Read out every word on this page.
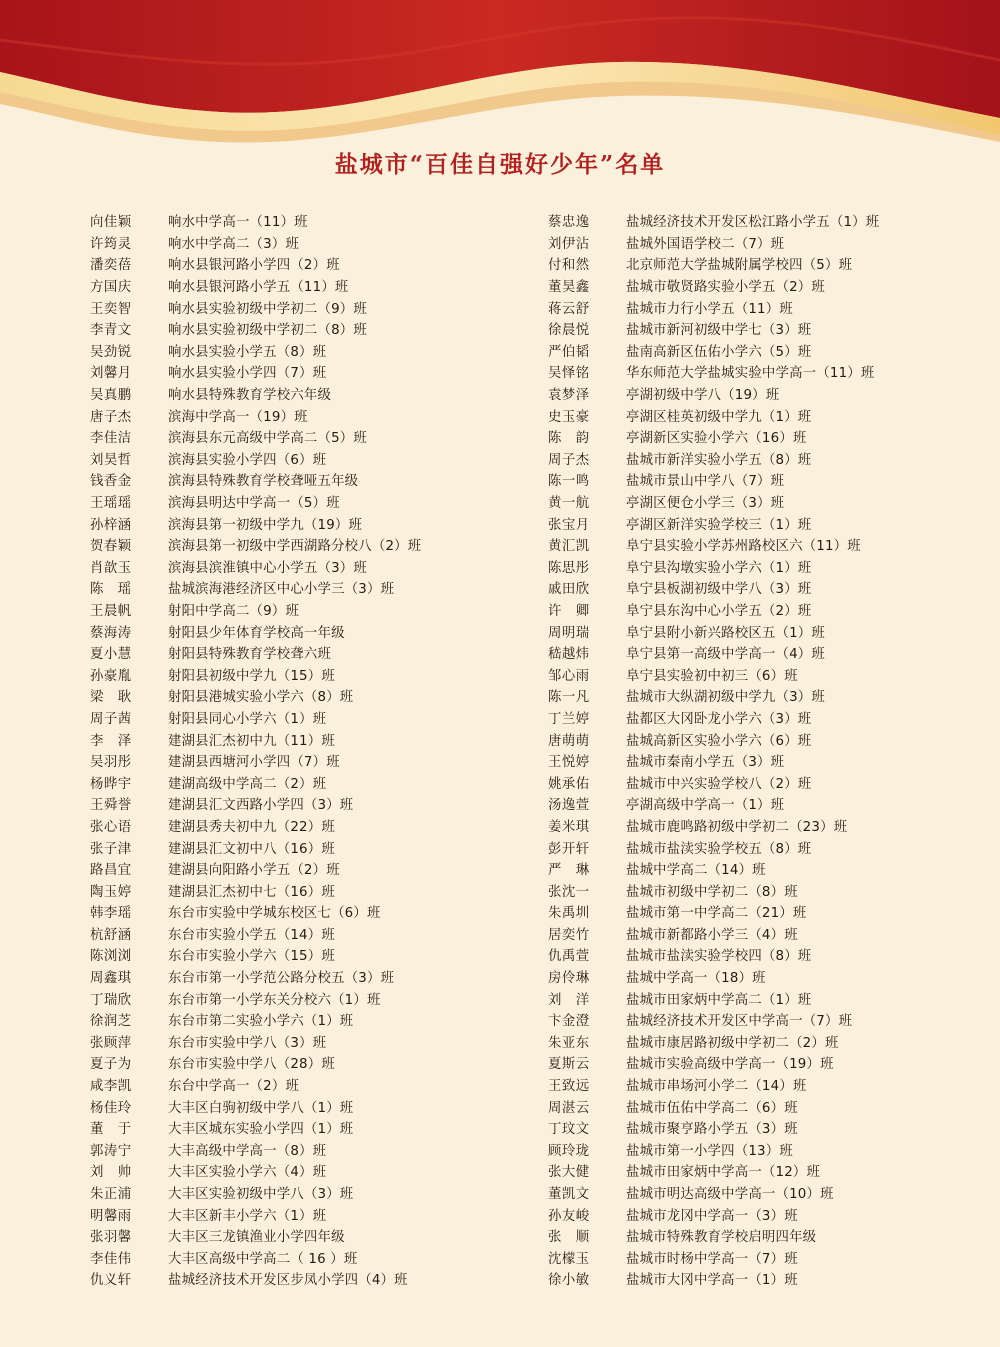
盐城市“百佳自强好少年”名单
向佳颖	响水中学高一（11）班
许筠灵	响水中学高二（3）班
潘奕蓓	响水县银河路小学四（2）班
方国庆	响水县银河路小学五（11）班
王奕智	响水县实验初级中学初二（9）班
李青文	响水县实验初级中学初二（8）班
吴劲锐	响水县实验小学五（8）班
刘馨月	响水县实验小学四（7）班
吴真鹏	响水县特殊教育学校六年级
唐子杰	滨海中学高一（19）班
李佳洁	滨海县东元高级中学高二（5）班
刘昊哲	滨海县实验小学四（6）班
钱香金	滨海县特殊教育学校聋哑五年级
王瑶瑶	滨海县明达中学高一（5）班
孙梓涵	滨海县第一初级中学九（19）班
贺春颖	滨海县第一初级中学西湖路分校八（2）班
肖歆玉	滨海县滨淮镇中心小学五（3）班
陈　瑶	盐城滨海港经济区中心小学三（3）班
王晨帆	射阳中学高二（9）班
蔡海涛	射阳县少年体育学校高一年级
夏小慧	射阳县特殊教育学校聋六班
孙豪胤	射阳县初级中学九（15）班
梁　耿	射阳县港城实验小学六（8）班
周子茜	射阳县同心小学六（1）班
李　泽	建湖县汇杰初中九（11）班
吴羽彤	建湖县西塘河小学四（7）班
杨晔宇	建湖高级中学高二（2）班
王舜誉	建湖县汇文西路小学四（3）班
张心语	建湖县秀夫初中九（22）班
张子津	建湖县汇文初中八（16）班
路昌宜	建湖县向阳路小学五（2）班
陶玉婷	建湖县汇杰初中七（16）班
韩李瑶	东台市实验中学城东校区七（6）班
杭舒涵	东台市实验小学五（14）班
陈浏浏	东台市实验小学六（15）班
周鑫琪	东台市第一小学范公路分校五（3）班
丁瑞欣	东台市第一小学东关分校六（1）班
徐润芝	东台市第二实验小学六（1）班
张顾萍	东台市实验中学八（3）班
夏子为	东台市实验中学八（28）班
咸李凯	东台中学高一（2）班
杨佳玲	大丰区白驹初级中学八（1）班
董　于	大丰区城东实验小学四（1）班
郭涛宁	大丰高级中学高一（8）班
刘　帅	大丰区实验小学六（4）班
朱正浦	大丰区实验初级中学八（3）班
明馨雨	大丰区新丰小学六（1）班
张羽馨	大丰区三龙镇渔业小学四年级
李佳伟	大丰区高级中学高二（ 16 ）班
仇义轩	盐城经济技术开发区步凤小学四（4）班
蔡忠逸	盐城经济技术开发区松江路小学五（1）班
刘伊沾	盐城外国语学校二（7）班
付和然	北京师范大学盐城附属学校四（5）班
董昊鑫	盐城市敬贤路实验小学五（2）班
蒋云舒	盐城市力行小学五（11）班
徐晨悦	盐城市新河初级中学七（3）班
严伯韬	盐南高新区伍佑小学六（5）班
吴怿铭	华东师范大学盐城实验中学高一（11）班
袁梦泽	亭湖初级中学八（19）班
史玉豪	亭湖区桂英初级中学九（1）班
陈　韵	亭湖新区实验小学六（16）班
周子杰	盐城市新洋实验小学五（8）班
陈一鸣	盐城市景山中学八（7）班
黄一航	亭湖区便仓小学三（3）班
张宝月	亭湖区新洋实验学校三（1）班
黄汇凯	阜宁县实验小学苏州路校区六（11）班
陈思彤	阜宁县沟墩实验小学六（1）班
戚田欣	阜宁县板湖初级中学八（3）班
许　卿	阜宁县东沟中心小学五（2）班
周明瑞	阜宁县附小新兴路校区五（1）班
嵇越炜	阜宁县第一高级中学高一（4）班
邹心雨	阜宁县实验初中初三（6）班
陈一凡	盐城市大纵湖初级中学九（3）班
丁兰婷	盐都区大冈卧龙小学六（3）班
唐萌萌	盐城高新区实验小学六（6）班
王悦婷	盐城市秦南小学五（3）班
姚承佑	盐城市中兴实验学校八（2）班
汤逸萱	亭湖高级中学高一（1）班
姜米琪	盐城市鹿鸣路初级中学初二（23）班
彭开轩	盐城市盐渎实验学校五（8）班
严　琳	盐城中学高二（14）班
张沈一	盐城市初级中学初二（8）班
朱禹圳	盐城市第一中学高二（21）班
居奕竹	盐城市新都路小学三（4）班
仇禹萱	盐城市盐渎实验学校四（8）班
房伶琳	盐城中学高一（18）班
刘　洋	盐城市田家炳中学高二（1）班
卞金澄	盐城经济技术开发区中学高一（7）班
朱亚东	盐城市康居路初级中学初二（2）班
夏斯云	盐城市实验高级中学高一（19）班
王致远	盐城市串场河小学二（14）班
周湛云	盐城市伍佑中学高二（6）班
丁玟文	盐城市聚亨路小学五（3）班
顾玲珑	盐城市第一小学四（13）班
张大健	盐城市田家炳中学高一（12）班
董凯文	盐城市明达高级中学高一（10）班
孙友峻	盐城市龙冈中学高一（3）班
张　顺	盐城市特殊教育学校启明四年级
沈檬玉	盐城市时杨中学高一（7）班
徐小敏	盐城市大冈中学高一（1）班
